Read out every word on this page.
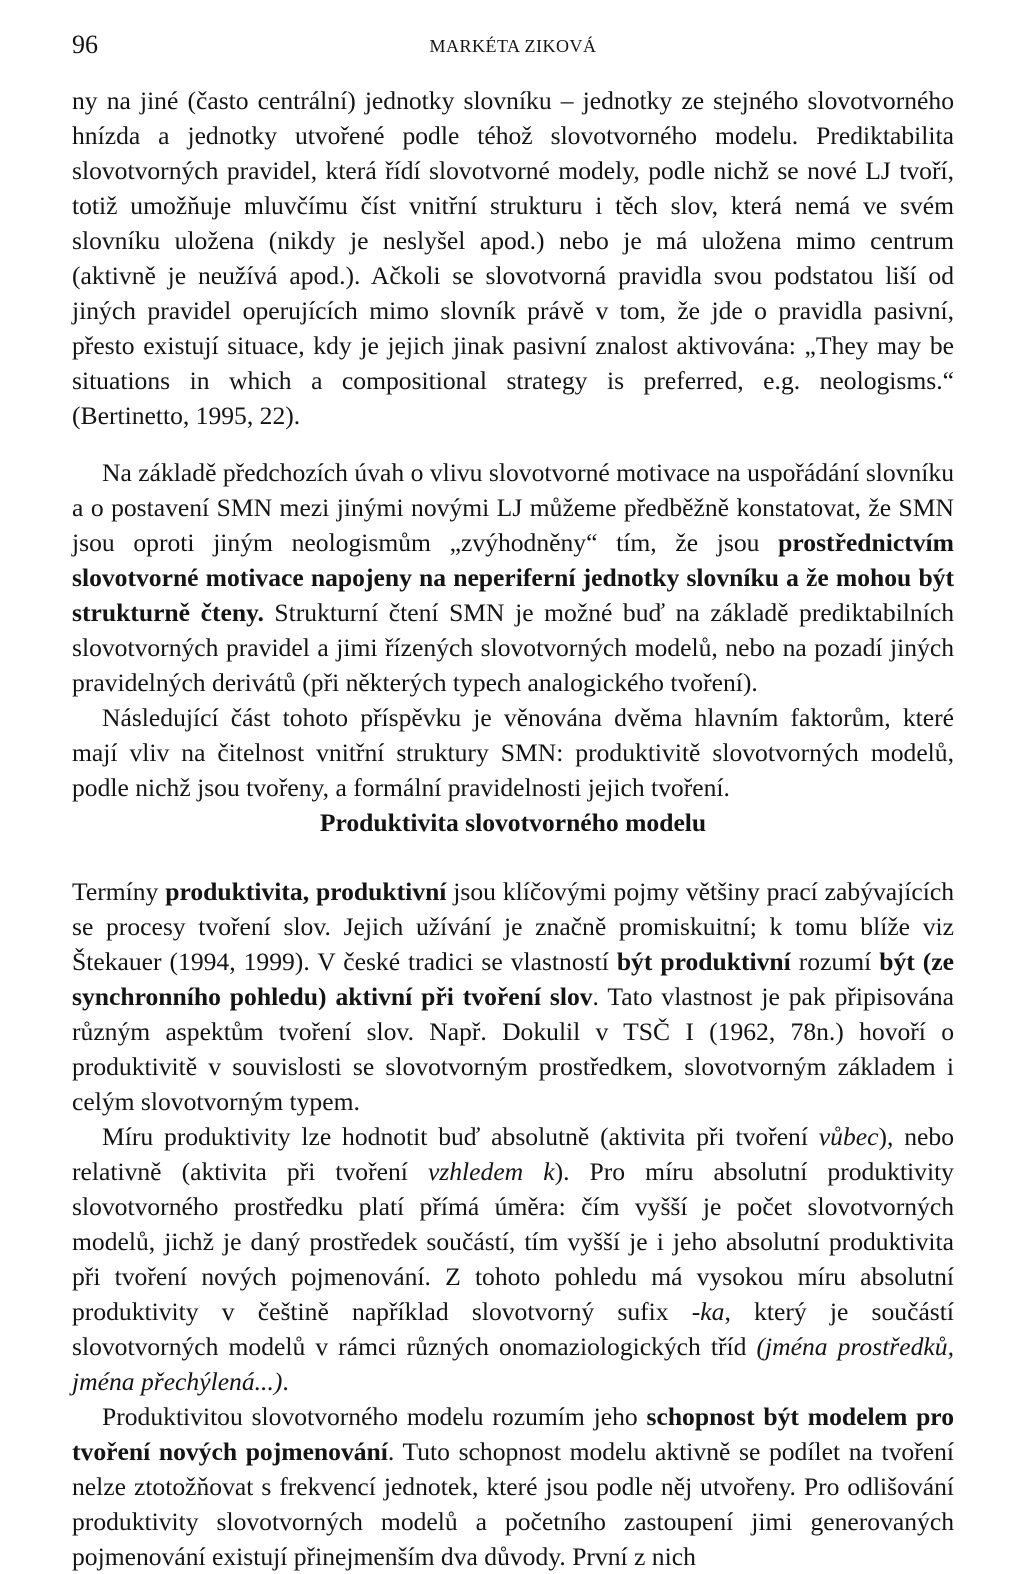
96	MARKÉTA ZIKOVÁ

ny na jiné (často centrální) jednotky slovníku – jednotky ze stejného slovotvorného hnízda a jednotky utvořené podle téhož slovotvorného modelu. Prediktabilita slovotvorných pravidel, která řídí slovotvorné modely, podle nichž se nové LJ tvoří, totiž umožňuje mluvčímu číst vnitřní strukturu i těch slov, která nemá ve svém slovníku uložena (nikdy je neslyšel apod.) nebo je má uložena mimo centrum (aktivně je neužívá apod.). Ačkoli se slovotvorná pravidla svou podstatou liší od jiných pravidel operujících mimo slovník právě v tom, že jde o pravidla pasivní, přesto existují situace, kdy je jejich jinak pasivní znalost aktivována: „They may be situations in which a compositional strategy is preferred, e.g. neologisms.“ (Bertinetto, 1995, 22).

Na základě předchozích úvah o vlivu slovotvorné motivace na uspořádání slovníku a o postavení SMN mezi jinými novými LJ můžeme předběžně konstatovat, že SMN jsou oproti jiným neologismům „zvýhodněny“ tím, že jsou prostřednictvím slovotvorné motivace napojeny na neperiferní jednotky slovníku a že mohou být strukturně čteny. Strukturní čtení SMN je možné buď na základě prediktabilních slovotvorných pravidel a jimi řízených slovotvorných modelů, nebo na pozadí jiných pravidelných derivátů (při některých typech analogického tvoření).

Následující část tohoto příspěvku je věnována dvěma hlavním faktorům, které mají vliv na čitelnost vnitřní struktury SMN: produktivitě slovotvorných modelů, podle nichž jsou tvořeny, a formální pravidelnosti jejich tvoření.

Produktivita slovotvorného modelu

Termíny produktivita, produktivní jsou klíčovými pojmy většiny prací zabývajících se procesy tvoření slov. Jejich užívání je značně promiskuitní; k tomu blíže viz Štekauer (1994, 1999). V české tradici se vlastností být produktivní rozumí být (ze synchronního pohledu) aktivní při tvoření slov. Tato vlastnost je pak připisována různým aspektům tvoření slov. Např. Dokulil v TSČ I (1962, 78n.) hovoří o produktivitě v souvislosti se slovotvorným prostředkem, slovotvorným základem i celým slovotvorným typem.

Míru produktivity lze hodnotit buď absolutně (aktivita při tvoření vůbec), nebo relativně (aktivita při tvoření vzhledem k). Pro míru absolutní produktivity slovotvorného prostředku platí přímá úměra: čím vyšší je počet slovotvorných modelů, jichž je daný prostředek součástí, tím vyšší je i jeho absolutní produktivita při tvoření nových pojmenování. Z tohoto pohledu má vysokou míru absolutní produktivity v češtině například slovotvorný sufix -ka, který je součástí slovotvorných modelů v rámci různých onomaziologických tříd (jména prostředků, jména přechýlená...).

Produktivitou slovotvorného modelu rozumím jeho schopnost být modelem pro tvoření nových pojmenování. Tuto schopnost modelu aktivně se podílet na tvoření nelze ztotožňovat s frekvencí jednotek, které jsou podle něj utvořeny. Pro odlišování produktivity slovotvorných modelů a početního zastoupení jimi generovaných pojmenování existují přinejmenším dva důvody. První z nich
